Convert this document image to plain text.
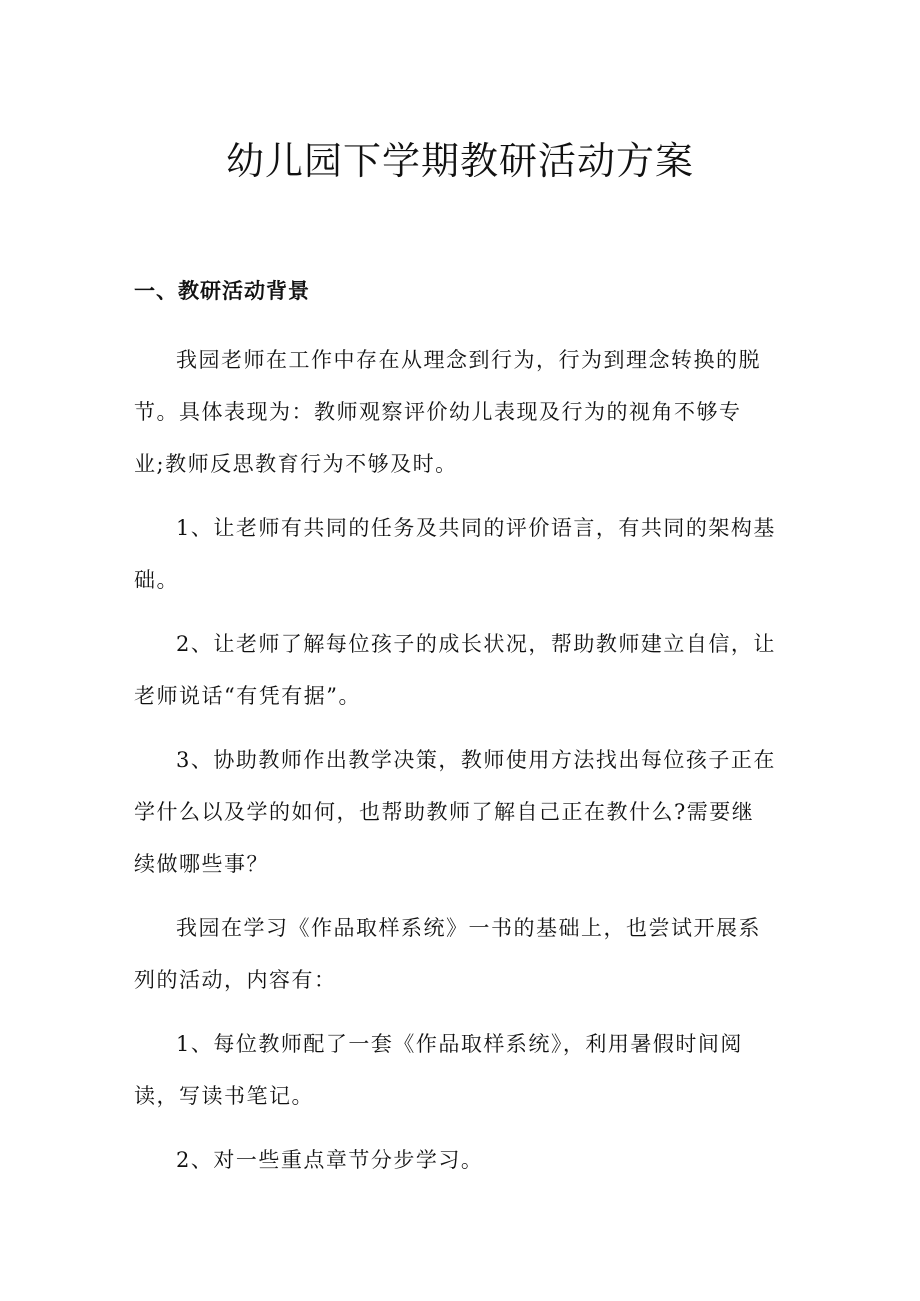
幼儿园下学期教研活动方案
一、教研活动背景

我园老师在工作中存在从理念到行为，行为到理念转换的脱
节。具体表现为：教师观察评价幼儿表现及行为的视角不够专
业;教师反思教育行为不够及时。

1、让老师有共同的任务及共同的评价语言，有共同的架构基
础。

2、让老师了解每位孩子的成长状况，帮助教师建立自信，让
老师说话“有凭有据”。

3、协助教师作出教学决策，教师使用方法找出每位孩子正在
学什么以及学的如何，也帮助教师了解自己正在教什么?需要继
续做哪些事？

我园在学习《作品取样系统》一书的基础上，也尝试开展系
列的活动，内容有：

1、每位教师配了一套《作品取样系统》，利用暑假时间阅
读，写读书笔记。

2、对一些重点章节分步学习。
